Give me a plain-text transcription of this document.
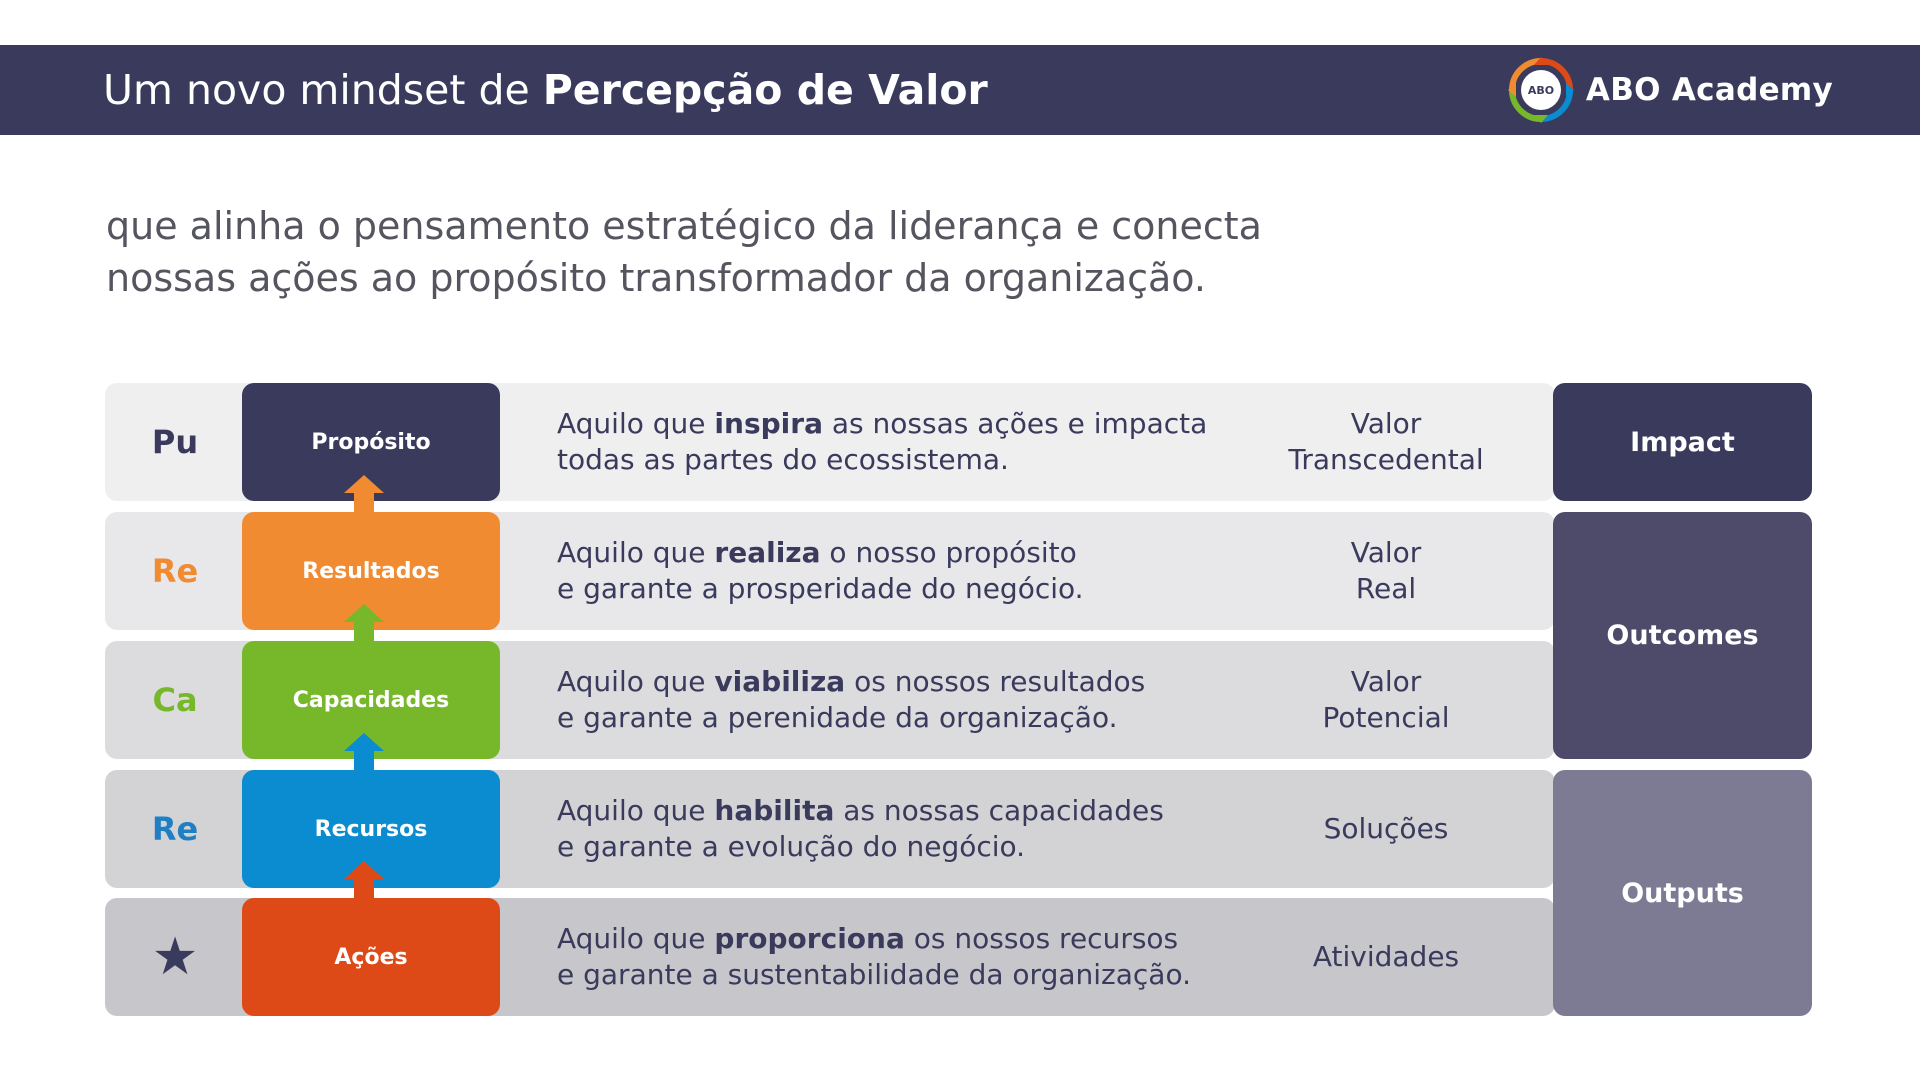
Um novo mindset de Percepção de Valor	ABO ABO Academy
que alinha o pensamento estratégico da liderança e conecta
nossas ações ao propósito transformador da organização.
Pu
Re
Ca
Re
★
Propósito
Resultados
Capacidades
Recursos
Ações
Aquilo que inspira as nossas ações e impacta
todas as partes do ecossistema.
Aquilo que realiza o nosso propósito
e garante a prosperidade do negócio.
Aquilo que viabiliza os nossos resultados
e garante a perenidade da organização.
Aquilo que habilita as nossas capacidades
e garante a evolução do negócio.
Aquilo que proporciona os nossos recursos
e garante a sustentabilidade da organização.
Valor
Transcedental
Valor
Real
Valor
Potencial
Soluções
Atividades
Impact
Outcomes
Outputs
